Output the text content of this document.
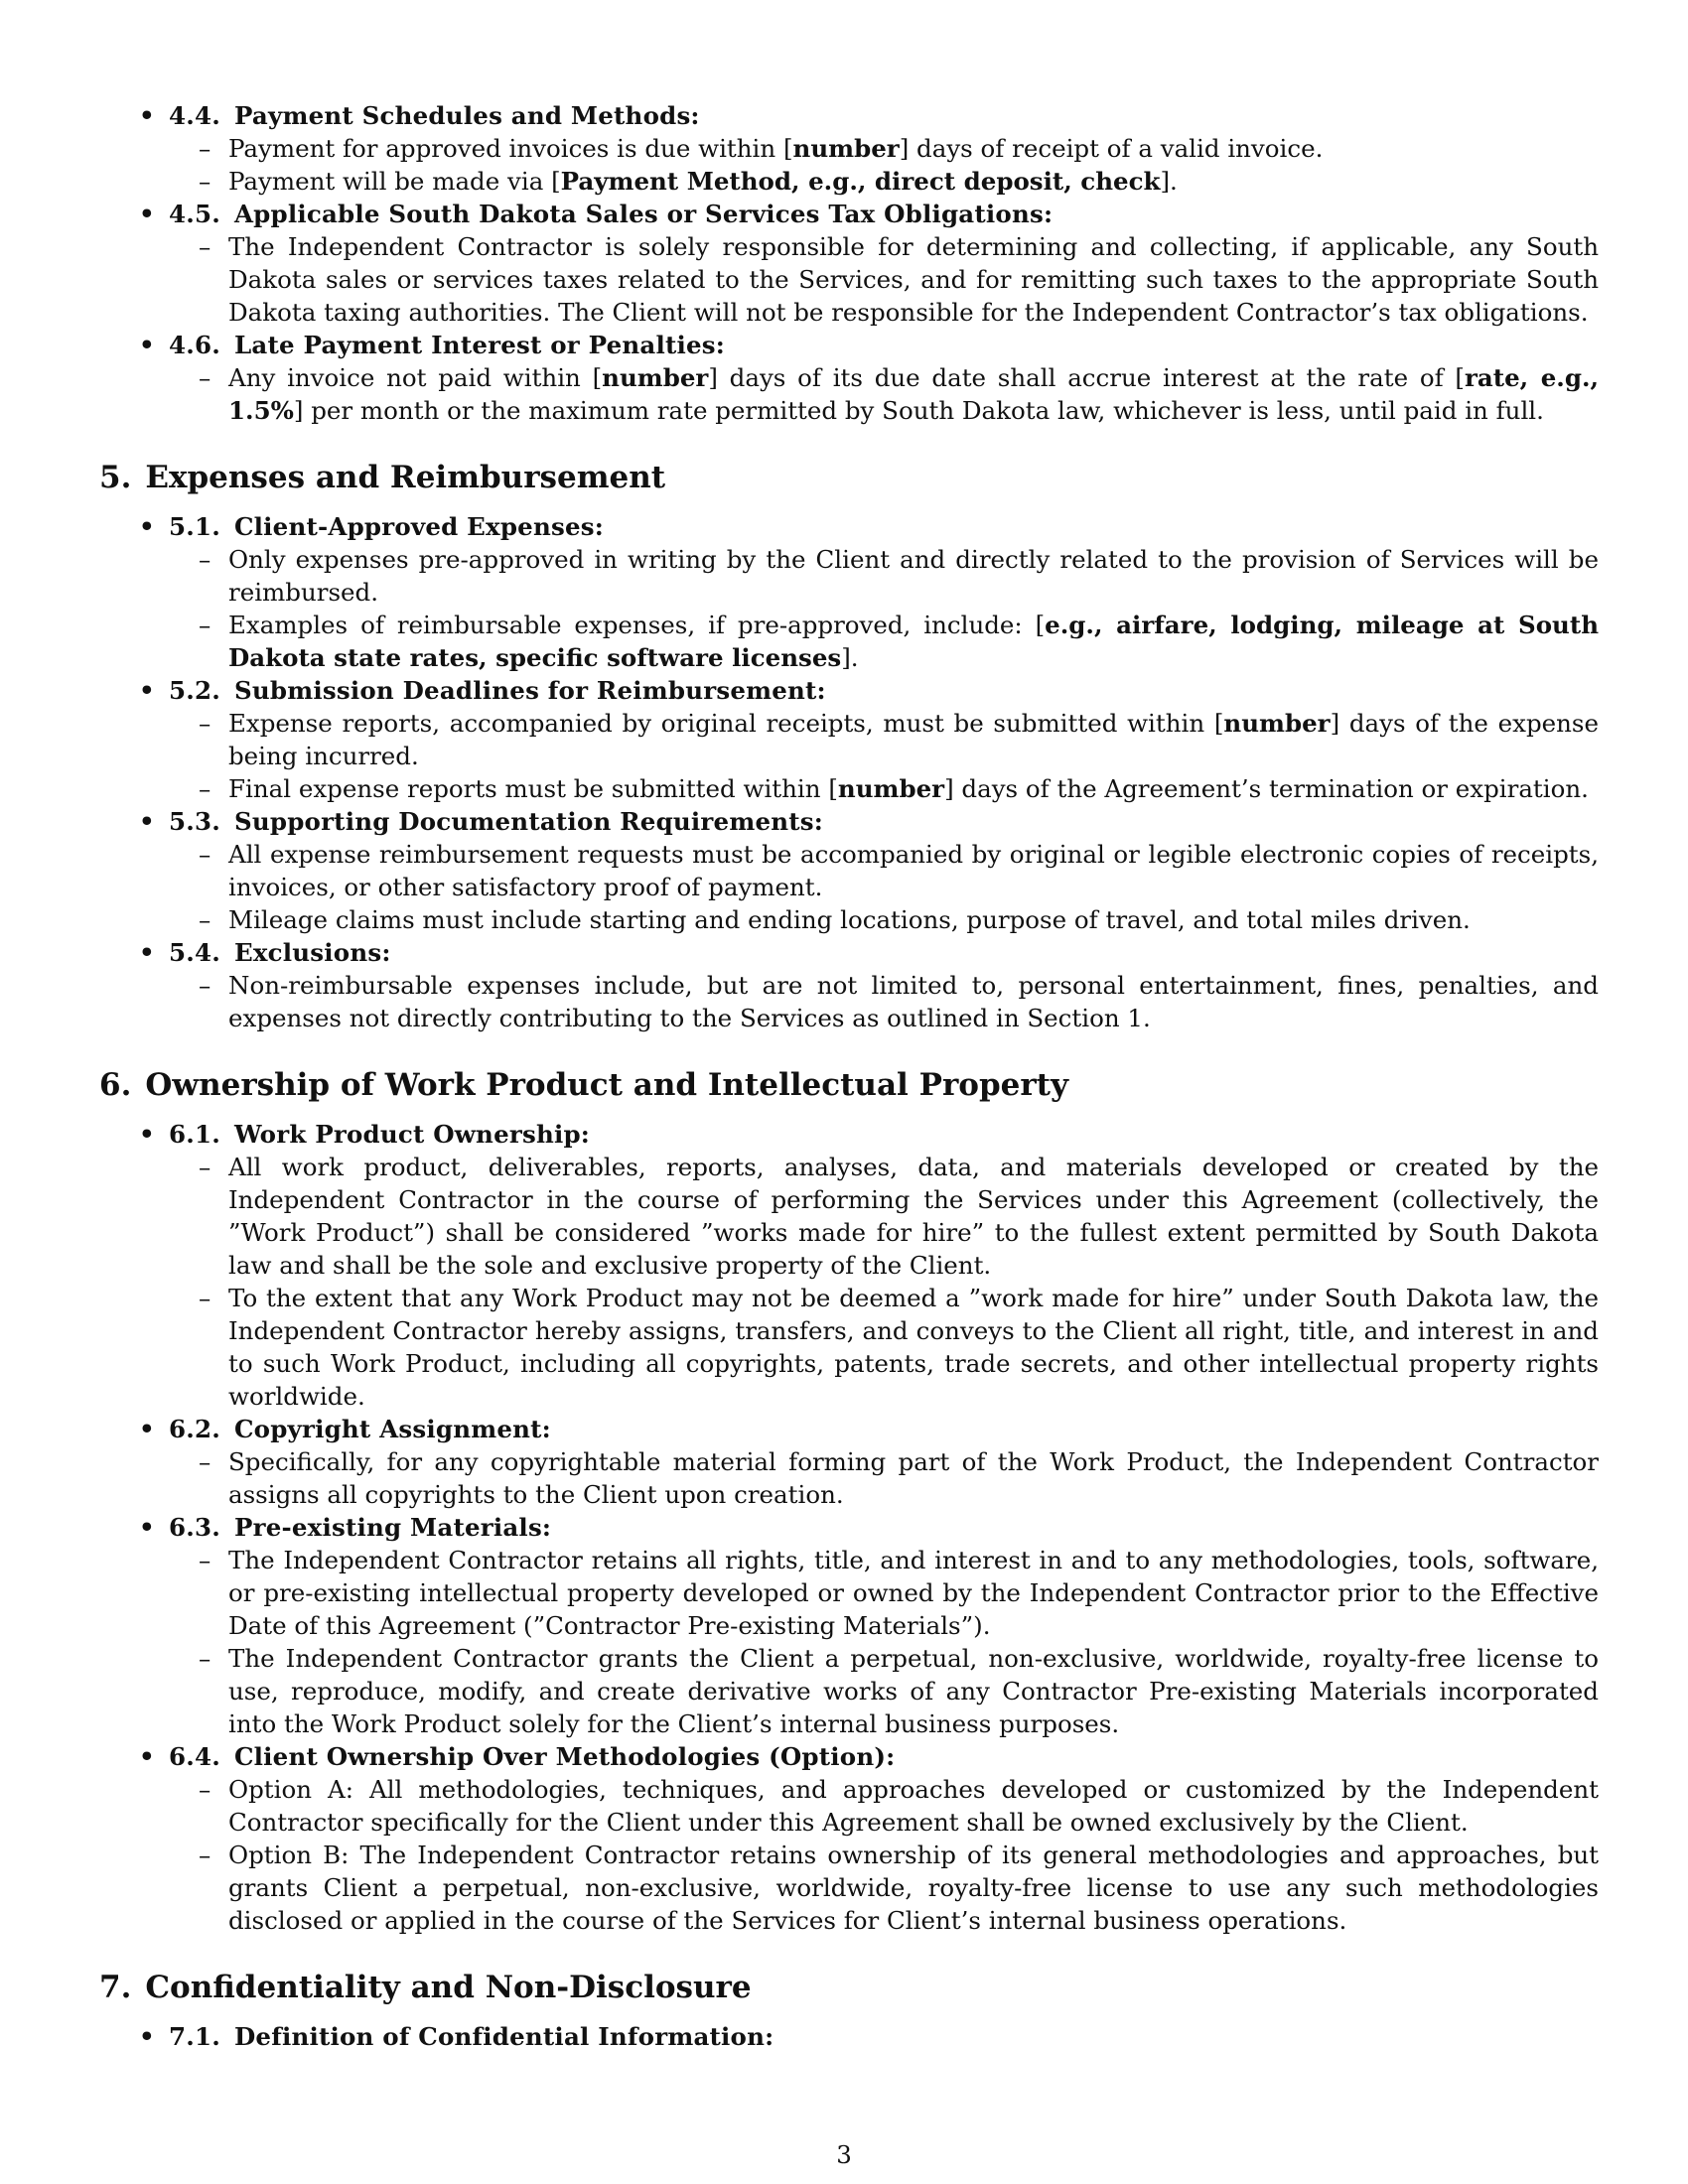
• 4.4. Payment Schedules and Methods:
– Payment for approved invoices is due within [number] days of receipt of a valid invoice.
– Payment will be made via [Payment Method, e.g., direct deposit, check].
• 4.5. Applicable South Dakota Sales or Services Tax Obligations:
– The Independent Contractor is solely responsible for determining and collecting, if applicable, any South Dakota sales or services taxes related to the Services, and for remitting such taxes to the appropriate South Dakota taxing authorities. The Client will not be responsible for the Independent Contractor’s tax obligations.
• 4.6. Late Payment Interest or Penalties:
– Any invoice not paid within [number] days of its due date shall accrue interest at the rate of [rate, e.g., 1.5%] per month or the maximum rate permitted by South Dakota law, whichever is less, until paid in full.
5. Expenses and Reimbursement
• 5.1. Client-Approved Expenses:
– Only expenses pre-approved in writing by the Client and directly related to the provision of Services will be reimbursed.
– Examples of reimbursable expenses, if pre-approved, include: [e.g., airfare, lodging, mileage at South Dakota state rates, specific software licenses].
• 5.2. Submission Deadlines for Reimbursement:
– Expense reports, accompanied by original receipts, must be submitted within [number] days of the expense being incurred.
– Final expense reports must be submitted within [number] days of the Agreement’s termination or expiration.
• 5.3. Supporting Documentation Requirements:
– All expense reimbursement requests must be accompanied by original or legible electronic copies of receipts, invoices, or other satisfactory proof of payment.
– Mileage claims must include starting and ending locations, purpose of travel, and total miles driven.
• 5.4. Exclusions:
– Non-reimbursable expenses include, but are not limited to, personal entertainment, fines, penalties, and expenses not directly contributing to the Services as outlined in Section 1.
6. Ownership of Work Product and Intellectual Property
• 6.1. Work Product Ownership:
– All work product, deliverables, reports, analyses, data, and materials developed or created by the Independent Contractor in the course of performing the Services under this Agreement (collectively, the ”Work Product”) shall be considered ”works made for hire” to the fullest extent permitted by South Dakota law and shall be the sole and exclusive property of the Client.
– To the extent that any Work Product may not be deemed a ”work made for hire” under South Dakota law, the Independent Contractor hereby assigns, transfers, and conveys to the Client all right, title, and interest in and to such Work Product, including all copyrights, patents, trade secrets, and other intellectual property rights worldwide.
• 6.2. Copyright Assignment:
– Specifically, for any copyrightable material forming part of the Work Product, the Independent Contractor assigns all copyrights to the Client upon creation.
• 6.3. Pre-existing Materials:
– The Independent Contractor retains all rights, title, and interest in and to any methodologies, tools, software, or pre-existing intellectual property developed or owned by the Independent Contractor prior to the Effective Date of this Agreement (”Contractor Pre-existing Materials”).
– The Independent Contractor grants the Client a perpetual, non-exclusive, worldwide, royalty-free license to use, reproduce, modify, and create derivative works of any Contractor Pre-existing Materials incorporated into the Work Product solely for the Client’s internal business purposes.
• 6.4. Client Ownership Over Methodologies (Option):
– Option A: All methodologies, techniques, and approaches developed or customized by the Independent Contractor specifically for the Client under this Agreement shall be owned exclusively by the Client.
– Option B: The Independent Contractor retains ownership of its general methodologies and approaches, but grants Client a perpetual, non-exclusive, worldwide, royalty-free license to use any such methodologies disclosed or applied in the course of the Services for Client’s internal business operations.
7. Confidentiality and Non-Disclosure
• 7.1. Definition of Confidential Information:
3
